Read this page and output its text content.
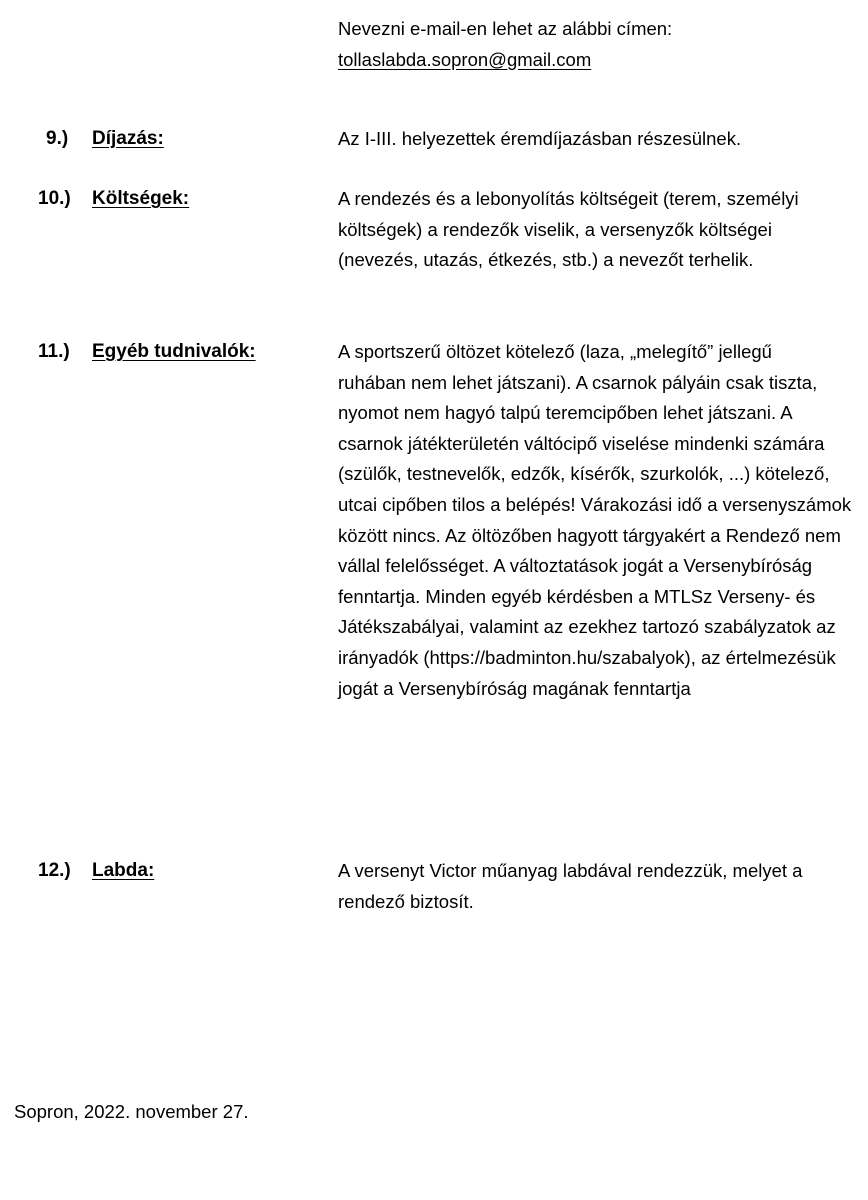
Nevezni e-mail-en lehet az alábbi címen:
tollaslabda.sopron@gmail.com
9.) Díjazás:	Az I-III. helyezettek éremdíjazásban részesülnek.
10.) Költségek:	A rendezés és a lebonyolítás költségeit (terem, személyi
költségek) a rendezők viselik, a versenyzők költségei
(nevezés, utazás, étkezés, stb.) a nevezőt terhelik.
11.) Egyéb tudnivalók:	A sportszerű öltözet kötelező (laza, „melegítő” jellegű
ruhában nem lehet játszani). A csarnok pályáin csak tiszta,
nyomot nem hagyó talpú teremcipőben lehet játszani. A
csarnok játékterületén váltócipő viselése mindenki számára
(szülők, testnevelők, edzők, kísérők, szurkolók, ...) kötelező,
utcai cipőben tilos a belépés! Várakozási idő a versenyszámok
között nincs. Az öltözőben hagyott tárgyakért a Rendező nem
vállal felelősséget. A változtatások jogát a Versenybíróság
fenntartja. Minden egyéb kérdésben a MTLSz Verseny- és
Játékszabályai, valamint az ezekhez tartozó szabályzatok az
irányadók (https://badminton.hu/szabalyok), az értelmezésük
jogát a Versenybíróság magának fenntartja
12.) Labda:	A versenyt Victor műanyag labdával rendezzük, melyet a
rendező biztosít.
Sopron, 2022. november 27.
